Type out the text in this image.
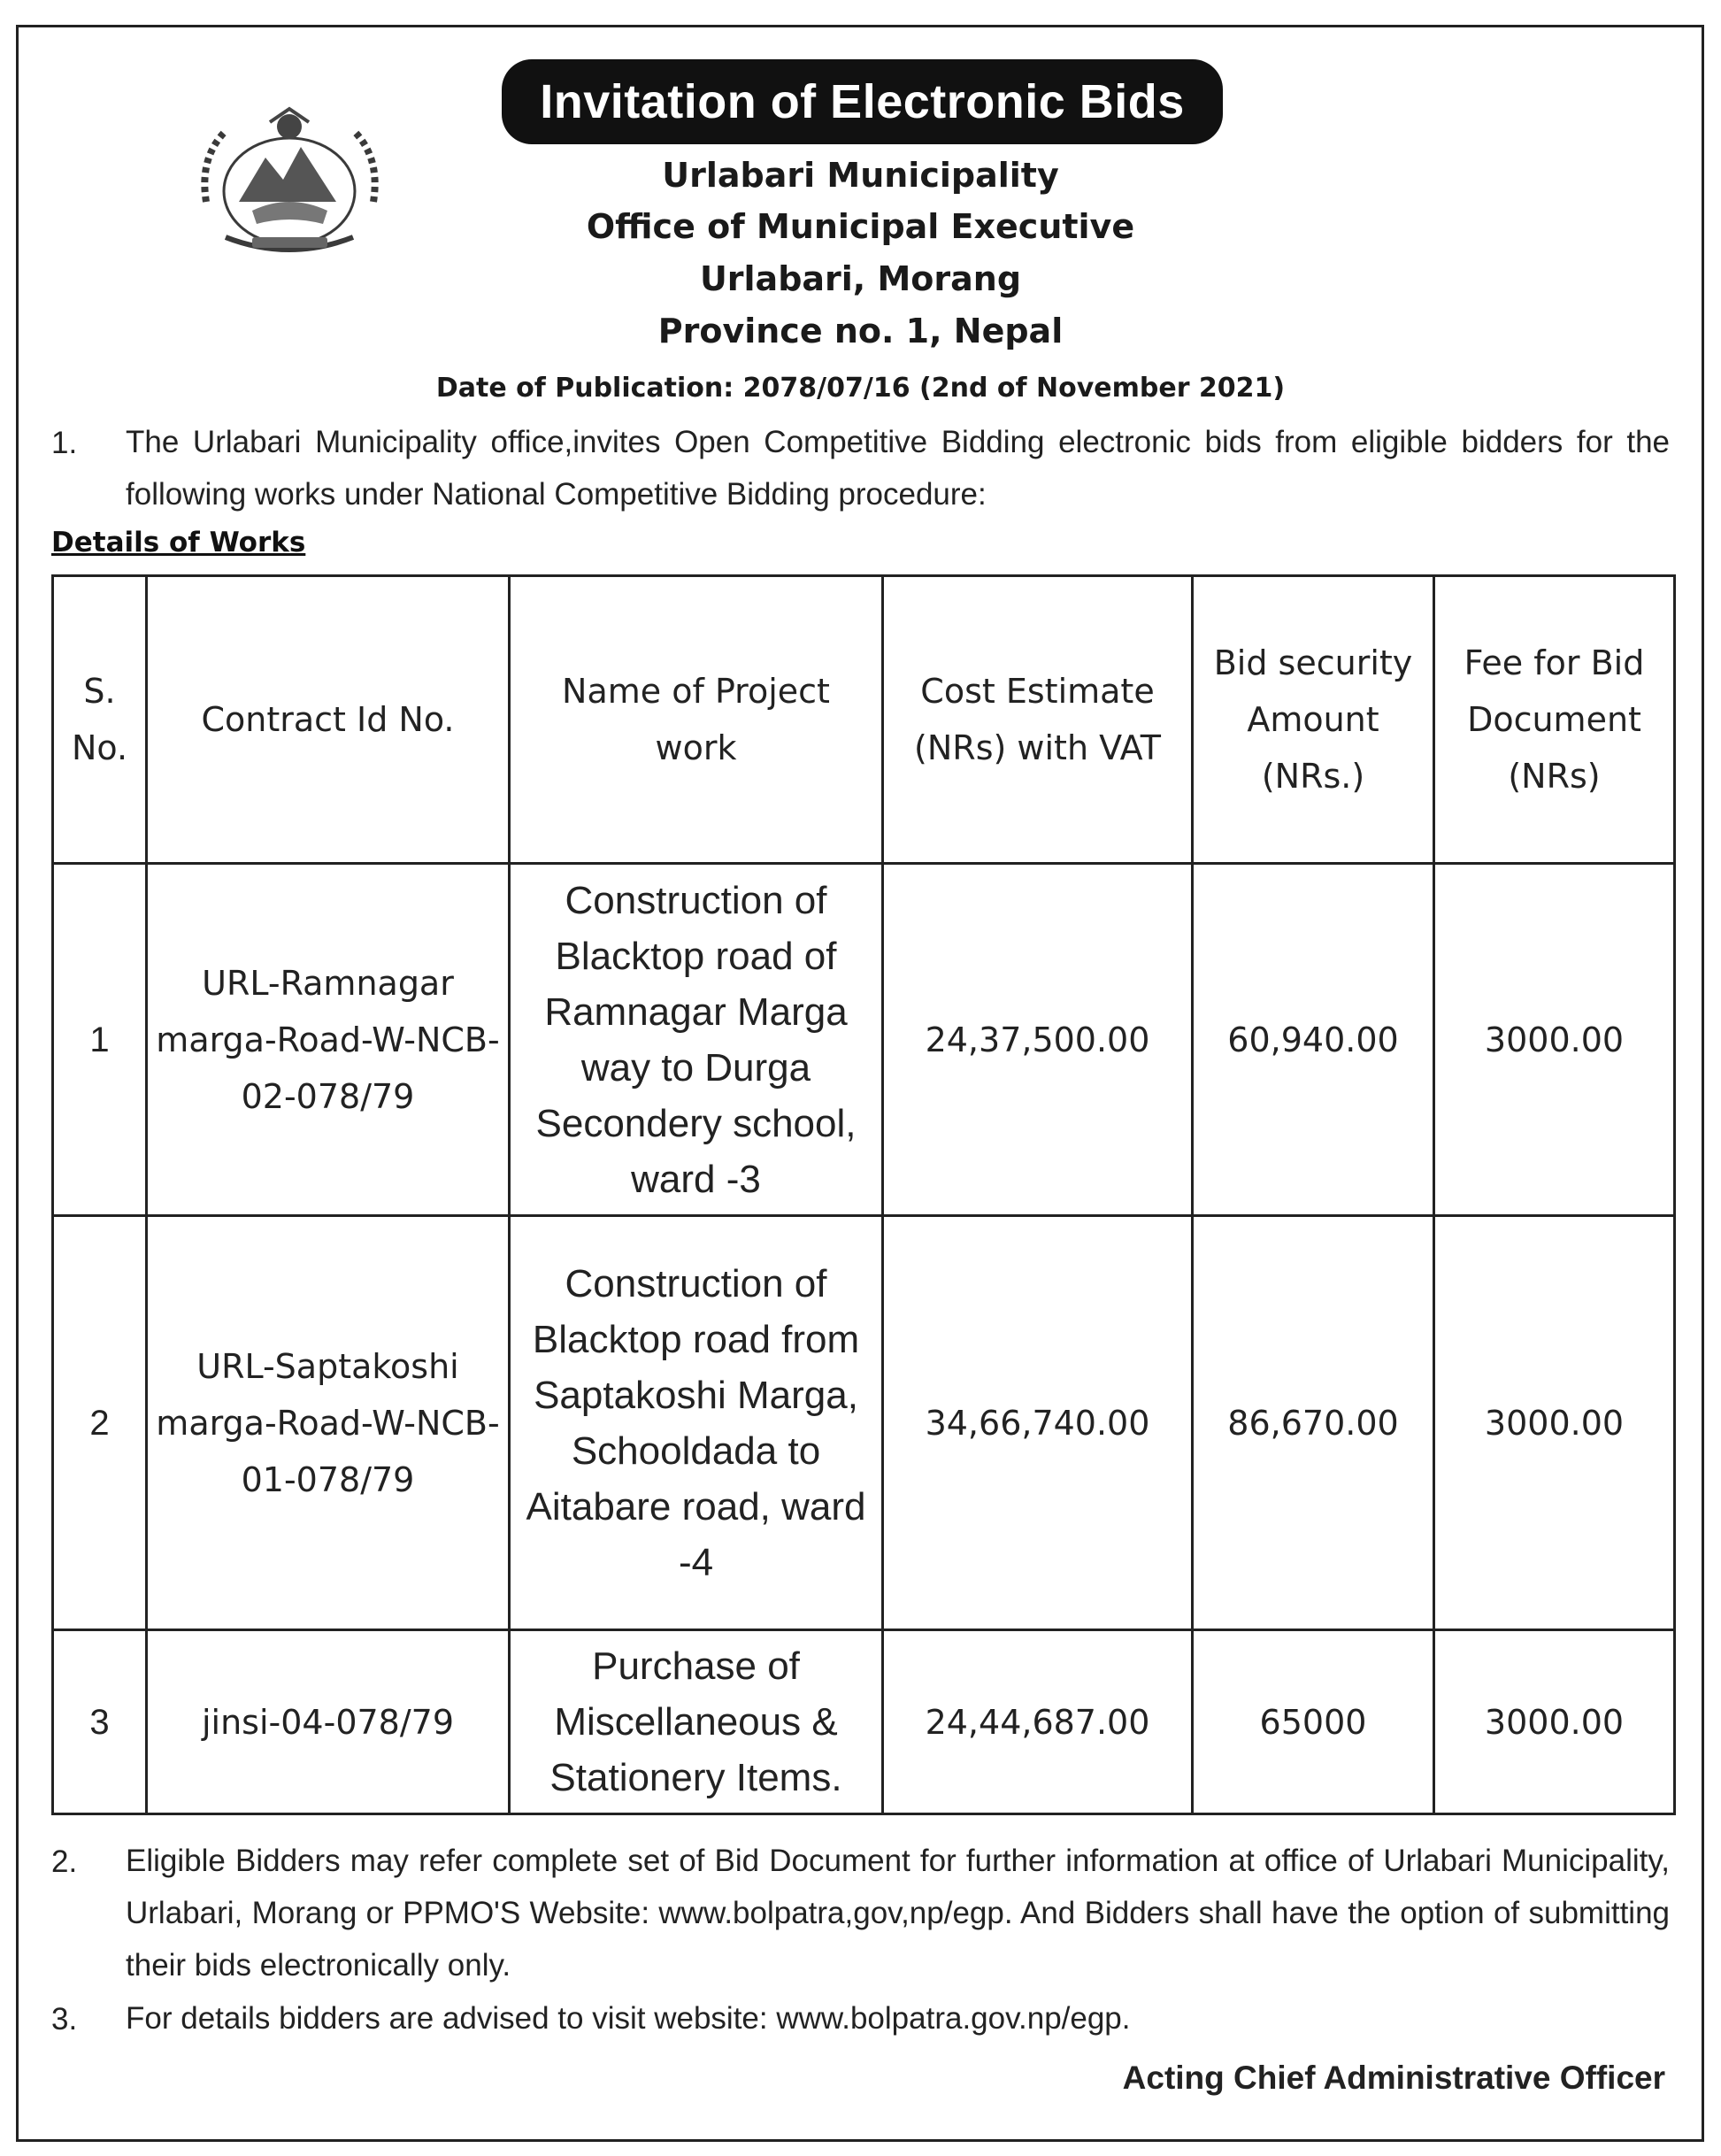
Invitation of Electronic Bids
Urlabari Municipality
Office of Municipal Executive
Urlabari, Morang
Province no. 1, Nepal
Date of Publication: 2078/07/16 (2nd of November 2021)
1. The Urlabari Municipality office,invites Open Competitive Bidding electronic bids from eligible bidders for the following works under National Competitive Bidding procedure:
Details of Works
S. No.	Contract Id No.	Name of Project work	Cost Estimate (NRs) with VAT	Bid security Amount (NRs.)	Fee for Bid Document (NRs)
1	URL-Ramnagar marga-Road-W-NCB-02-078/79	Construction of Blacktop road of Ramnagar Marga way to Durga Secondery school, ward -3	24,37,500.00	60,940.00	3000.00
2	URL-Saptakoshi marga-Road-W-NCB-01-078/79	Construction of Blacktop road from Saptakoshi Marga, Schooldada to Aitabare road, ward -4	34,66,740.00	86,670.00	3000.00
3	jinsi-04-078/79	Purchase of Miscellaneous & Stationery Items.	24,44,687.00	65000	3000.00
2. Eligible Bidders may refer complete set of Bid Document for further information at office of Urlabari Municipality, Urlabari, Morang or PPMO'S Website: www.bolpatra,gov,np/egp. And Bidders shall have the option of submitting their bids electronically only.
3. For details bidders are advised to visit website: www.bolpatra.gov.np/egp.
Acting Chief Administrative Officer
